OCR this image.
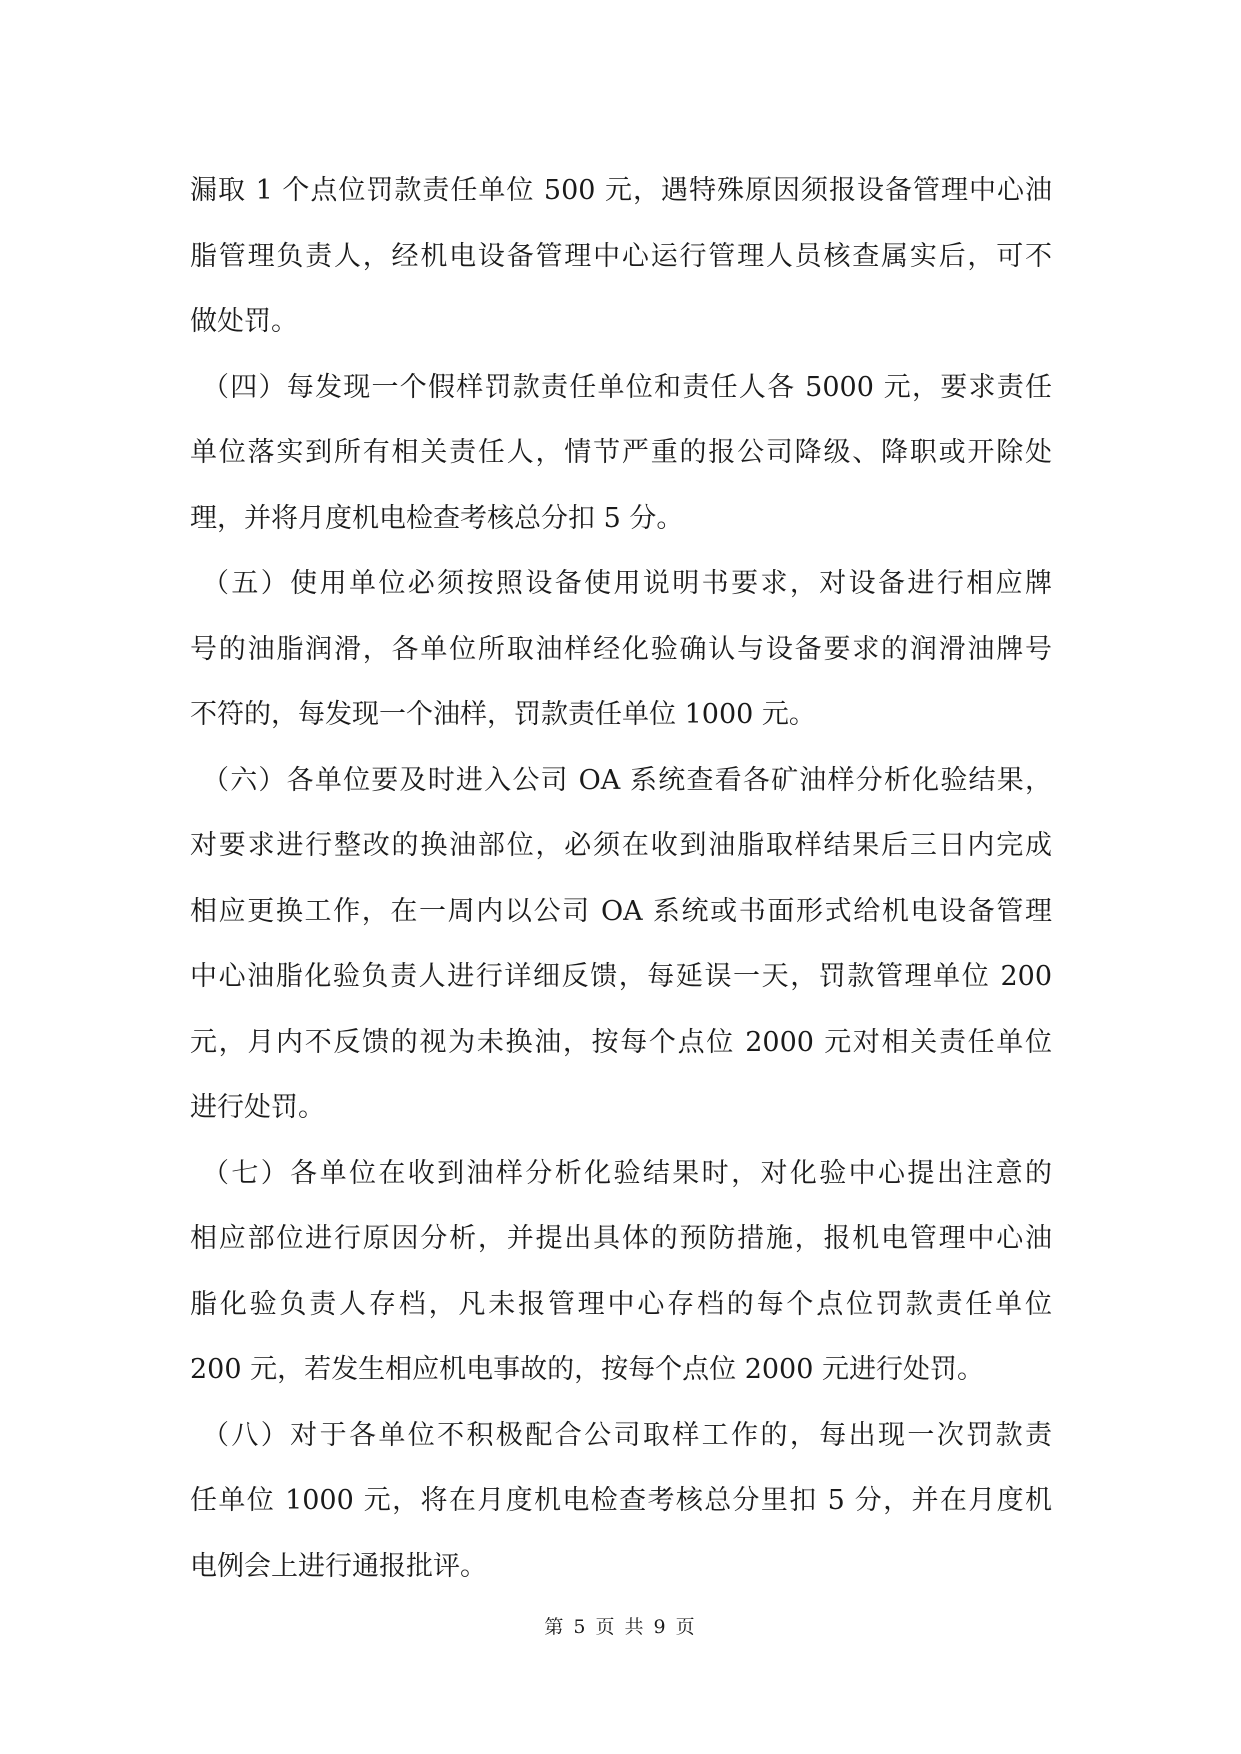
漏取 1 个点位罚款责任单位 500 元，遇特殊原因须报设备管理中心油
脂管理负责人，经机电设备管理中心运行管理人员核查属实后，可不
做处罚。
（四）每发现一个假样罚款责任单位和责任人各 5000 元，要求责任
单位落实到所有相关责任人，情节严重的报公司降级、降职或开除处
理，并将月度机电检查考核总分扣 5 分。
（五）使用单位必须按照设备使用说明书要求，对设备进行相应牌
号的油脂润滑，各单位所取油样经化验确认与设备要求的润滑油牌号
不符的，每发现一个油样，罚款责任单位 1000 元。
（六）各单位要及时进入公司 OA 系统查看各矿油样分析化验结果，
对要求进行整改的换油部位，必须在收到油脂取样结果后三日内完成
相应更换工作，在一周内以公司 OA 系统或书面形式给机电设备管理
中心油脂化验负责人进行详细反馈，每延误一天，罚款管理单位 200
元，月内不反馈的视为未换油，按每个点位 2000 元对相关责任单位
进行处罚。
（七）各单位在收到油样分析化验结果时，对化验中心提出注意的
相应部位进行原因分析，并提出具体的预防措施，报机电管理中心油
脂化验负责人存档，凡未报管理中心存档的每个点位罚款责任单位
200 元，若发生相应机电事故的，按每个点位 2000 元进行处罚。
（八）对于各单位不积极配合公司取样工作的，每出现一次罚款责
任单位 1000 元，将在月度机电检查考核总分里扣 5 分，并在月度机
电例会上进行通报批评。
第 5 页 共 9 页
